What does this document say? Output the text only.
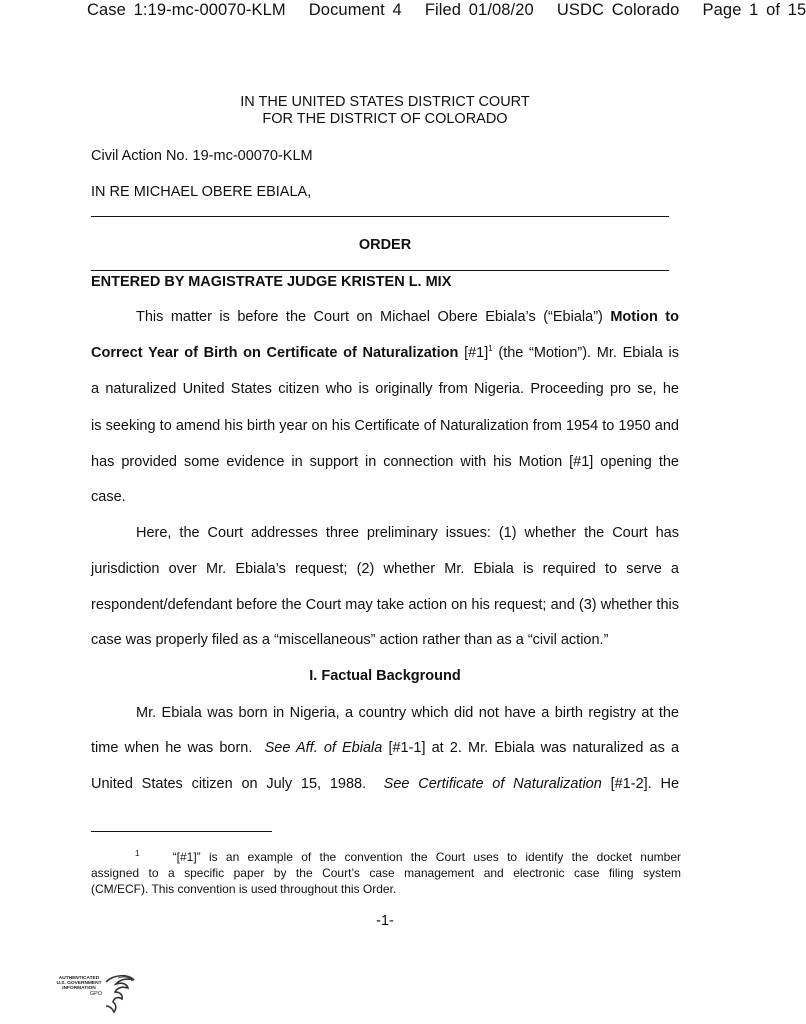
Case 1:19-mc-00070-KLM Document 4 Filed 01/08/20 USDC Colorado Page 1 of 15
IN THE UNITED STATES DISTRICT COURT
FOR THE DISTRICT OF COLORADO
Civil Action No. 19-mc-00070-KLM
IN RE MICHAEL OBERE EBIALA,
ORDER
ENTERED BY MAGISTRATE JUDGE KRISTEN L. MIX
This matter is before the Court on Michael Obere Ebiala’s (“Ebiala”) Motion to
Correct Year of Birth on Certificate of Naturalization [#1]$^1$ (the “Motion”). Mr. Ebiala is
a naturalized United States citizen who is originally from Nigeria. Proceeding pro se, he
is seeking to amend his birth year on his Certificate of Naturalization from 1954 to 1950 and
has provided some evidence in support in connection with his Motion [#1] opening the
case.
Here, the Court addresses three preliminary issues: (1) whether the Court has
jurisdiction over Mr. Ebiala’s request; (2) whether Mr. Ebiala is required to serve a
respondent/defendant before the Court may take action on his request; and (3) whether this
case was properly filed as a “miscellaneous” action rather than as a “civil action.”
I. Factual Background
Mr. Ebiala was born in Nigeria, a country which did not have a birth registry at the
time when he was born. See Aff. of Ebiala [#1-1] at 2. Mr. Ebiala was naturalized as a
United States citizen on July 15, 1988. See Certificate of Naturalization [#1-2]. He
$^1$	“[#1]” is an example of the convention the Court uses to identify the docket number
assigned to a specific paper by the Court’s case management and electronic case filing system
(CM/ECF). This convention is used throughout this Order.
-1-
AUTHENTICATED
U.S. GOVERNMENT
INFORMATION
GPO
